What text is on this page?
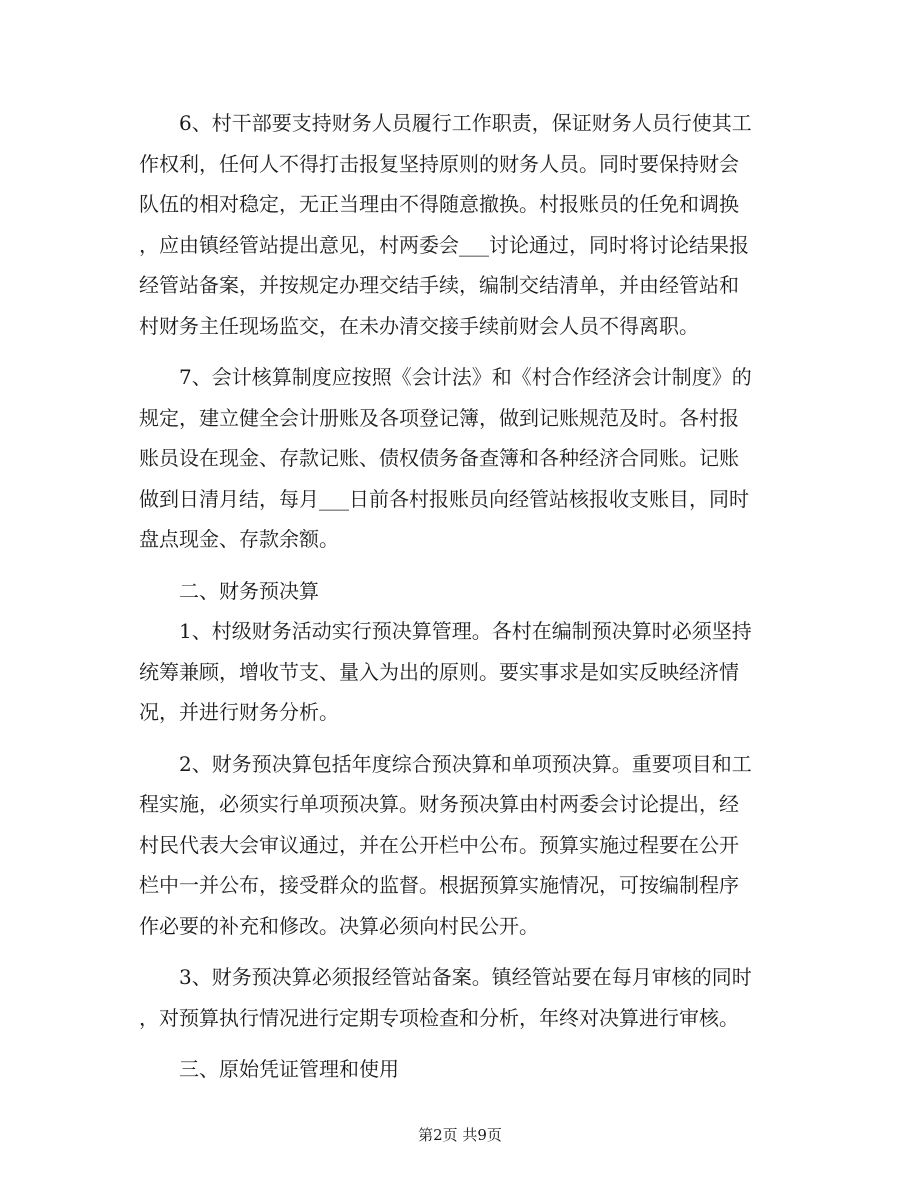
6、村干部要支持财务人员履行工作职责，保证财务人员行使其工
作权利，任何人不得打击报复坚持原则的财务人员。同时要保持财会
队伍的相对稳定，无正当理由不得随意撤换。村报账员的任免和调换
，应由镇经管站提出意见，村两委会___讨论通过，同时将讨论结果报
经管站备案，并按规定办理交结手续，编制交结清单，并由经管站和
村财务主任现场监交，在未办清交接手续前财会人员不得离职。

7、会计核算制度应按照《会计法》和《村合作经济会计制度》的
规定，建立健全会计册账及各项登记簿，做到记账规范及时。各村报
账员设在现金、存款记账、债权债务备查簿和各种经济合同账。记账
做到日清月结，每月___日前各村报账员向经管站核报收支账目，同时
盘点现金、存款余额。

二、财务预决算

1、村级财务活动实行预决算管理。各村在编制预决算时必须坚持
统筹兼顾，增收节支、量入为出的原则。要实事求是如实反映经济情
况，并进行财务分析。

2、财务预决算包括年度综合预决算和单项预决算。重要项目和工
程实施，必须实行单项预决算。财务预决算由村两委会讨论提出，经
村民代表大会审议通过，并在公开栏中公布。预算实施过程要在公开
栏中一并公布，接受群众的监督。根据预算实施情况，可按编制程序
作必要的补充和修改。决算必须向村民公开。

3、财务预决算必须报经管站备案。镇经管站要在每月审核的同时
，对预算执行情况进行定期专项检查和分析，年终对决算进行审核。

三、原始凭证管理和使用

第2页 共9页
